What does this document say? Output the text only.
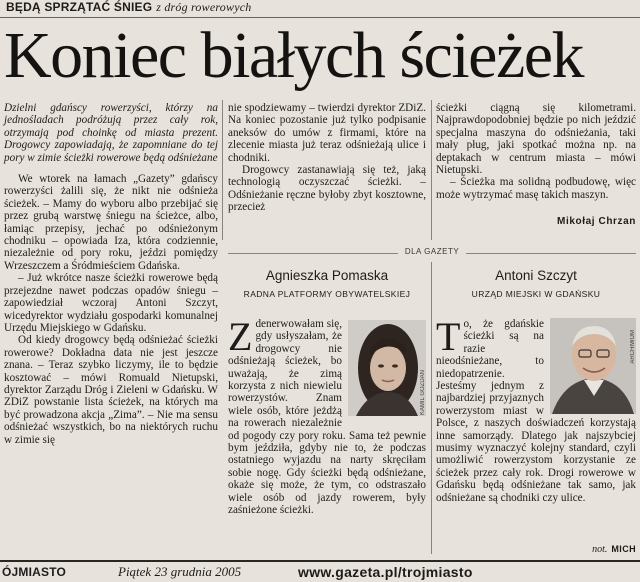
BĘDĄ SPRZĄTAĆ ŚNIEG z dróg rowerowych
Koniec białych ścieżek

Dzielni gdańscy rowerzyści, którzy na jednośladach podróżują przez cały rok, otrzymają pod choinkę od miasta prezent. Drogowcy zapowiadają, że zapomniane do tej pory w zimie ścieżki rowerowe będą odśnieżane

We wtorek na łamach „Gazety” gdańscy rowerzyści żalili się, że nikt nie odśnieża ścieżek. – Mamy do wyboru albo przebijać się przez grubą warstwę śniegu na ścieżce, albo, łamiąc przepisy, jechać po odśnieżonym chodniku – opowiada Iza, która codziennie, niezależnie od pory roku, jeździ pomiędzy Wrzeszczem a Śródmieściem Gdańska.

– Już wkrótce nasze ścieżki rowerowe będą przejezdne nawet podczas opadów śniegu – zapowiedział wczoraj Antoni Szczyt, wicedyrektor wydziału gospodarki komunalnej Urzędu Miejskiego w Gdańsku.

Od kiedy drogowcy będą odśnieżać ścieżki rowerowe? Dokładna data nie jest jeszcze znana. – Teraz szybko liczymy, ile to będzie kosztować – mówi Romuald Nietupski, dyrektor Zarządu Dróg i Zieleni w Gdańsku. W ZDiZ powstanie lista ścieżek, na których ma być prowadzona akcja „Zima”. – Nie ma sensu odśnieżać wszystkich, bo na niektórych ruchu w zimie się

nie spodziewamy – twierdzi dyrektor ZDiZ. Na koniec pozostanie już tylko podpisanie aneksów do umów z firmami, które na zlecenie miasta już teraz odśnieżają ulice i chodniki.

Drogowcy zastanawiają się też, jaką technologią oczyszczać ścieżki. – Odśnieżanie ręczne byłoby zbyt kosztowne, przecież

ścieżki ciągną się kilometrami. Najprawdopodobniej będzie po nich jeździć specjalna maszyna do odśnieżania, taki mały pług, jaki spotkać można np. na deptakach w centrum miasta – mówi Nietupski.

– Ścieżka ma solidną podbudowę, więc może wytrzymać masę takich maszyn.

Mikołaj Chrzan
DLA GAZETY
Agnieszka Pomaska
RADNA PLATFORMY OBYWATELSKIEJ
Antoni Szczyt
URZĄD MIEJSKI W GDAŃSKU
Z denerwowałam się, gdy usłyszałam, że drogowcy nie odśnieżają ścieżek, bo uważają, że zimą korzysta z nich niewielu rowerzystów. Znam wiele osób, które jeżdżą na rowerach niezależnie od pogody czy pory roku. Sama też pewnie bym jeździła, gdyby nie to, że podczas ostatniego wyjazdu na narty skręciłam sobie nogę. Gdy ścieżki będą odśnieżane, okaże się może, że tym, co odstraszało wiele osób od jazdy rowerem, były zaśnieżone ścieżki.
KAMIL GOZDAN
T o, że gdańskie ścieżki są na razie nieodśnieżane, to niedopatrzenie. Jesteśmy jednym z najbardziej przyjaznych rowerzystom miast w Polsce, z naszych doświadczeń korzystają inne samorządy. Dlatego jak najszybciej musimy wyznaczyć kolejny standard, czyli umożliwić rowerzystom korzystanie ze ścieżek przez cały rok. Drogi rowerowe w Gdańsku będą odśnieżane tak samo, jak odśnieżane są chodniki czy ulice.
ARCHIWUM
not. MICH
ÓJMIASTO	Piątek 23 grudnia 2005	www.gazeta.pl/trojmiasto
